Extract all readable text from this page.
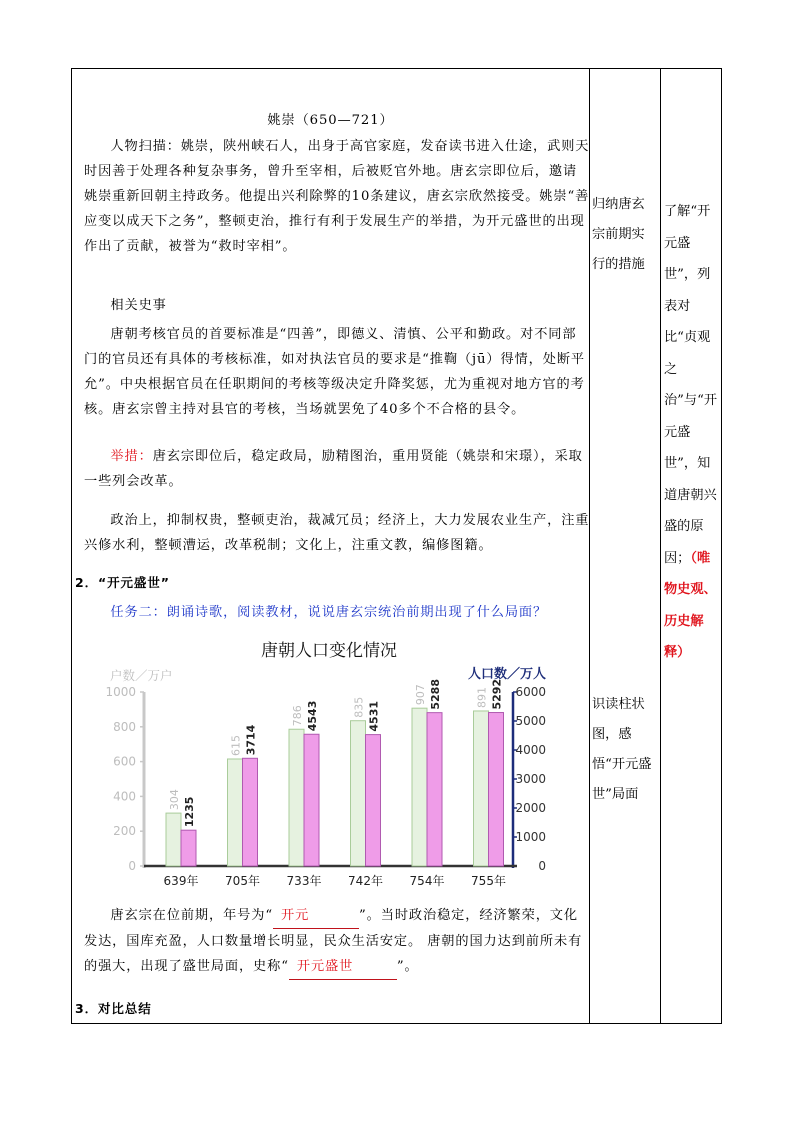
姚崇（650—721）
人物扫描：姚崇，陕州峡石人，出身于高官家庭，发奋读书进入仕途，武则天时因善于处理各种复杂事务，曾升至宰相，后被贬官外地。唐玄宗即位后，邀请姚崇重新回朝主持政务。他提出兴利除弊的10条建议，唐玄宗欣然接受。姚崇“善应变以成天下之务”，整顿吏治，推行有利于发展生产的举措，为开元盛世的出现作出了贡献，被誉为“救时宰相”。
相关史事
唐朝考核官员的首要标准是“四善”，即德义、清慎、公平和勤政。对不同部门的官员还有具体的考核标准，如对执法官员的要求是“推鞫（jū）得情，处断平允”。中央根据官员在任职期间的考核等级决定升降奖惩，尤为重视对地方官的考核。唐玄宗曾主持对县官的考核，当场就罢免了40多个不合格的县令。
举措：唐玄宗即位后，稳定政局，励精图治，重用贤能（姚崇和宋璟），采取一些列会改革。
政治上，抑制权贵，整顿吏治，裁减冗员；经济上，大力发展农业生产，注重兴修水利，整顿漕运，改革税制；文化上，注重文教，编修图籍。
2．“开元盛世”
任务二：朗诵诗歌，阅读教材，说说唐玄宗统治前期出现了什么局面？
唐玄宗在位前期，年号为“ 开元	”。当时政治稳定，经济繁荣，文化发达，国库充盈，人口数量增长明显，民众生活安定。 唐朝的国力达到前所未有的强大，出现了盛世局面，史称“ 开元盛世	”。
3．对比总结
唐朝人口变化情况
户数／万户	人口数／万人
0
200
400
600
800
1000
0
1000
2000
3000
4000
5000
6000
304 1235
639年
615 3714
705年
786 4543
733年
835 4531
742年
907 5288
754年
891 5292
755年
归纳唐玄宗前期实行的措施
识读柱状图，感悟“开元盛世”局面
了解“开元盛世”，列表对比“贞观之治”与“开元盛世”，知道唐朝兴盛的原因；（唯物史观、历史解释）
